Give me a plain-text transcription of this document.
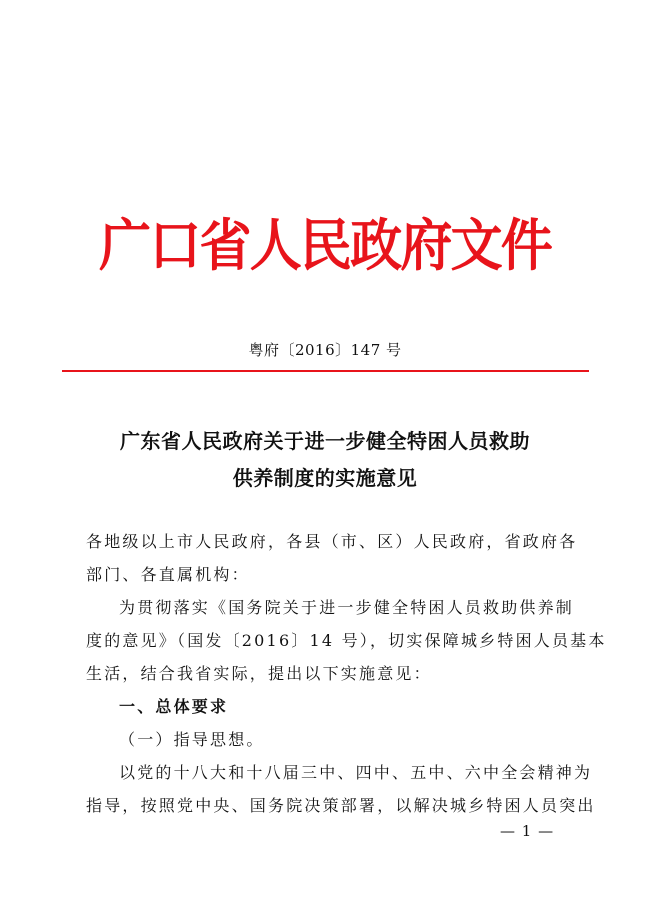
广口省人民政府文件
粤府〔2016〕147 号
广东省人民政府关于进一步健全特困人员救助
供养制度的实施意见
各地级以上市人民政府，各县（市、区）人民政府，省政府各
部门、各直属机构：
为贯彻落实《国务院关于进一步健全特困人员救助供养制
度的意见》（国发〔2016〕14 号），切实保障城乡特困人员基本
生活，结合我省实际，提出以下实施意见：
一、总体要求
（一）指导思想。
以党的十八大和十八届三中、四中、五中、六中全会精神为
指导，按照党中央、国务院决策部署，以解决城乡特困人员突出
— 1 —
